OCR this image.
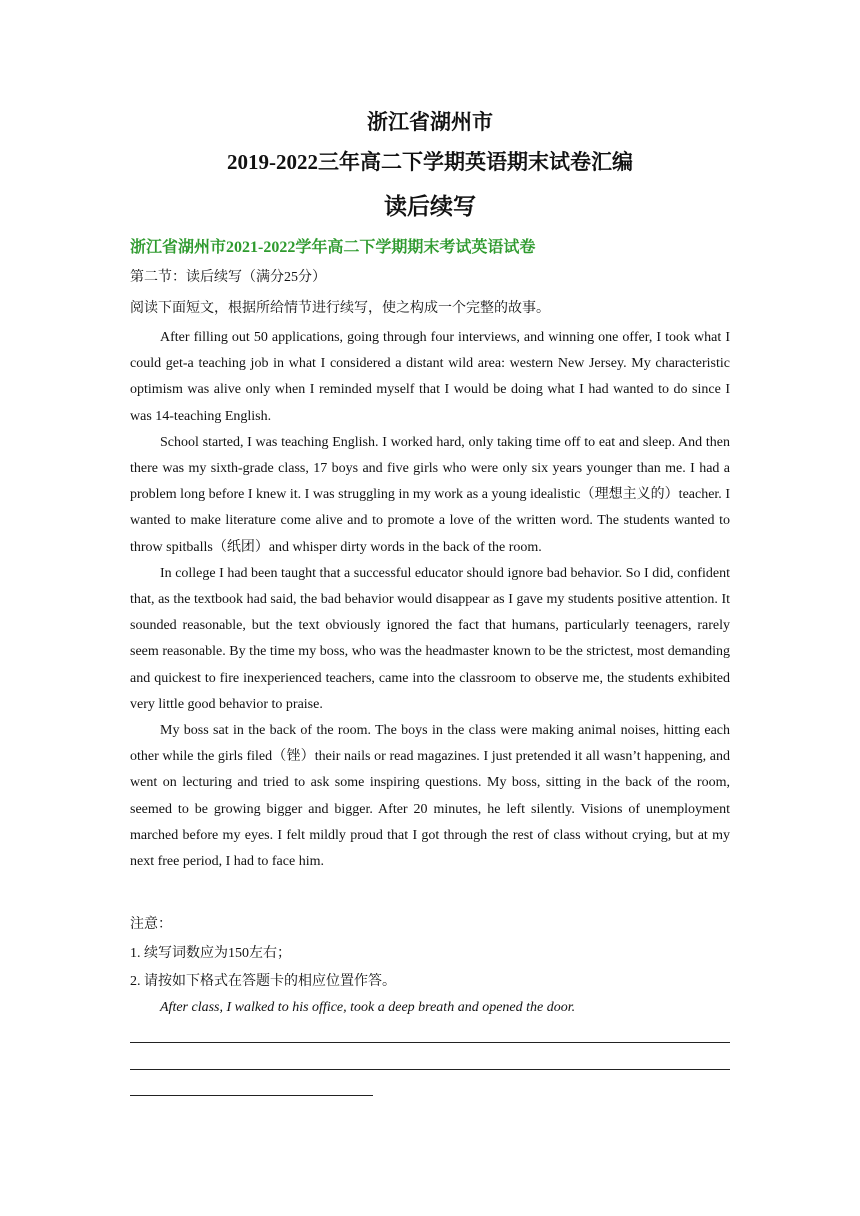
浙江省湖州市
2019-2022三年高二下学期英语期末试卷汇编
读后续写
浙江省湖州市2021-2022学年高二下学期期末考试英语试卷
第二节：读后续写（满分25分）
阅读下面短文，根据所给情节进行续写，使之构成一个完整的故事。

After filling out 50 applications, going through four interviews, and winning one offer, I took what I could get-a teaching job in what I considered a distant wild area: western New Jersey. My characteristic optimism was alive only when I reminded myself that I would be doing what I had wanted to do since I was 14-teaching English.

School started, I was teaching English. I worked hard, only taking time off to eat and sleep. And then there was my sixth-grade class, 17 boys and five girls who were only six years younger than me. I had a problem long before I knew it. I was struggling in my work as a young idealistic（理想主义的）teacher. I wanted to make literature come alive and to promote a love of the written word. The students wanted to throw spitballs（纸团）and whisper dirty words in the back of the room.

In college I had been taught that a successful educator should ignore bad behavior. So I did, confident that, as the textbook had said, the bad behavior would disappear as I gave my students positive attention. It sounded reasonable, but the text obviously ignored the fact that humans, particularly teenagers, rarely seem reasonable. By the time my boss, who was the headmaster known to be the strictest, most demanding and quickest to fire inexperienced teachers, came into the classroom to observe me, the students exhibited very little good behavior to praise.

My boss sat in the back of the room. The boys in the class were making animal noises, hitting each other while the girls filed（锉）their nails or read magazines. I just pretended it all wasn’t happening, and went on lecturing and tried to ask some inspiring questions. My boss, sitting in the back of the room, seemed to be growing bigger and bigger. After 20 minutes, he left silently. Visions of unemployment marched before my eyes. I felt mildly proud that I got through the rest of class without crying, but at my next free period, I had to face him.

注意：
1. 续写词数应为150左右；
2. 请按如下格式在答题卡的相应位置作答。
After class, I walked to his office, took a deep breath and opened the door.
